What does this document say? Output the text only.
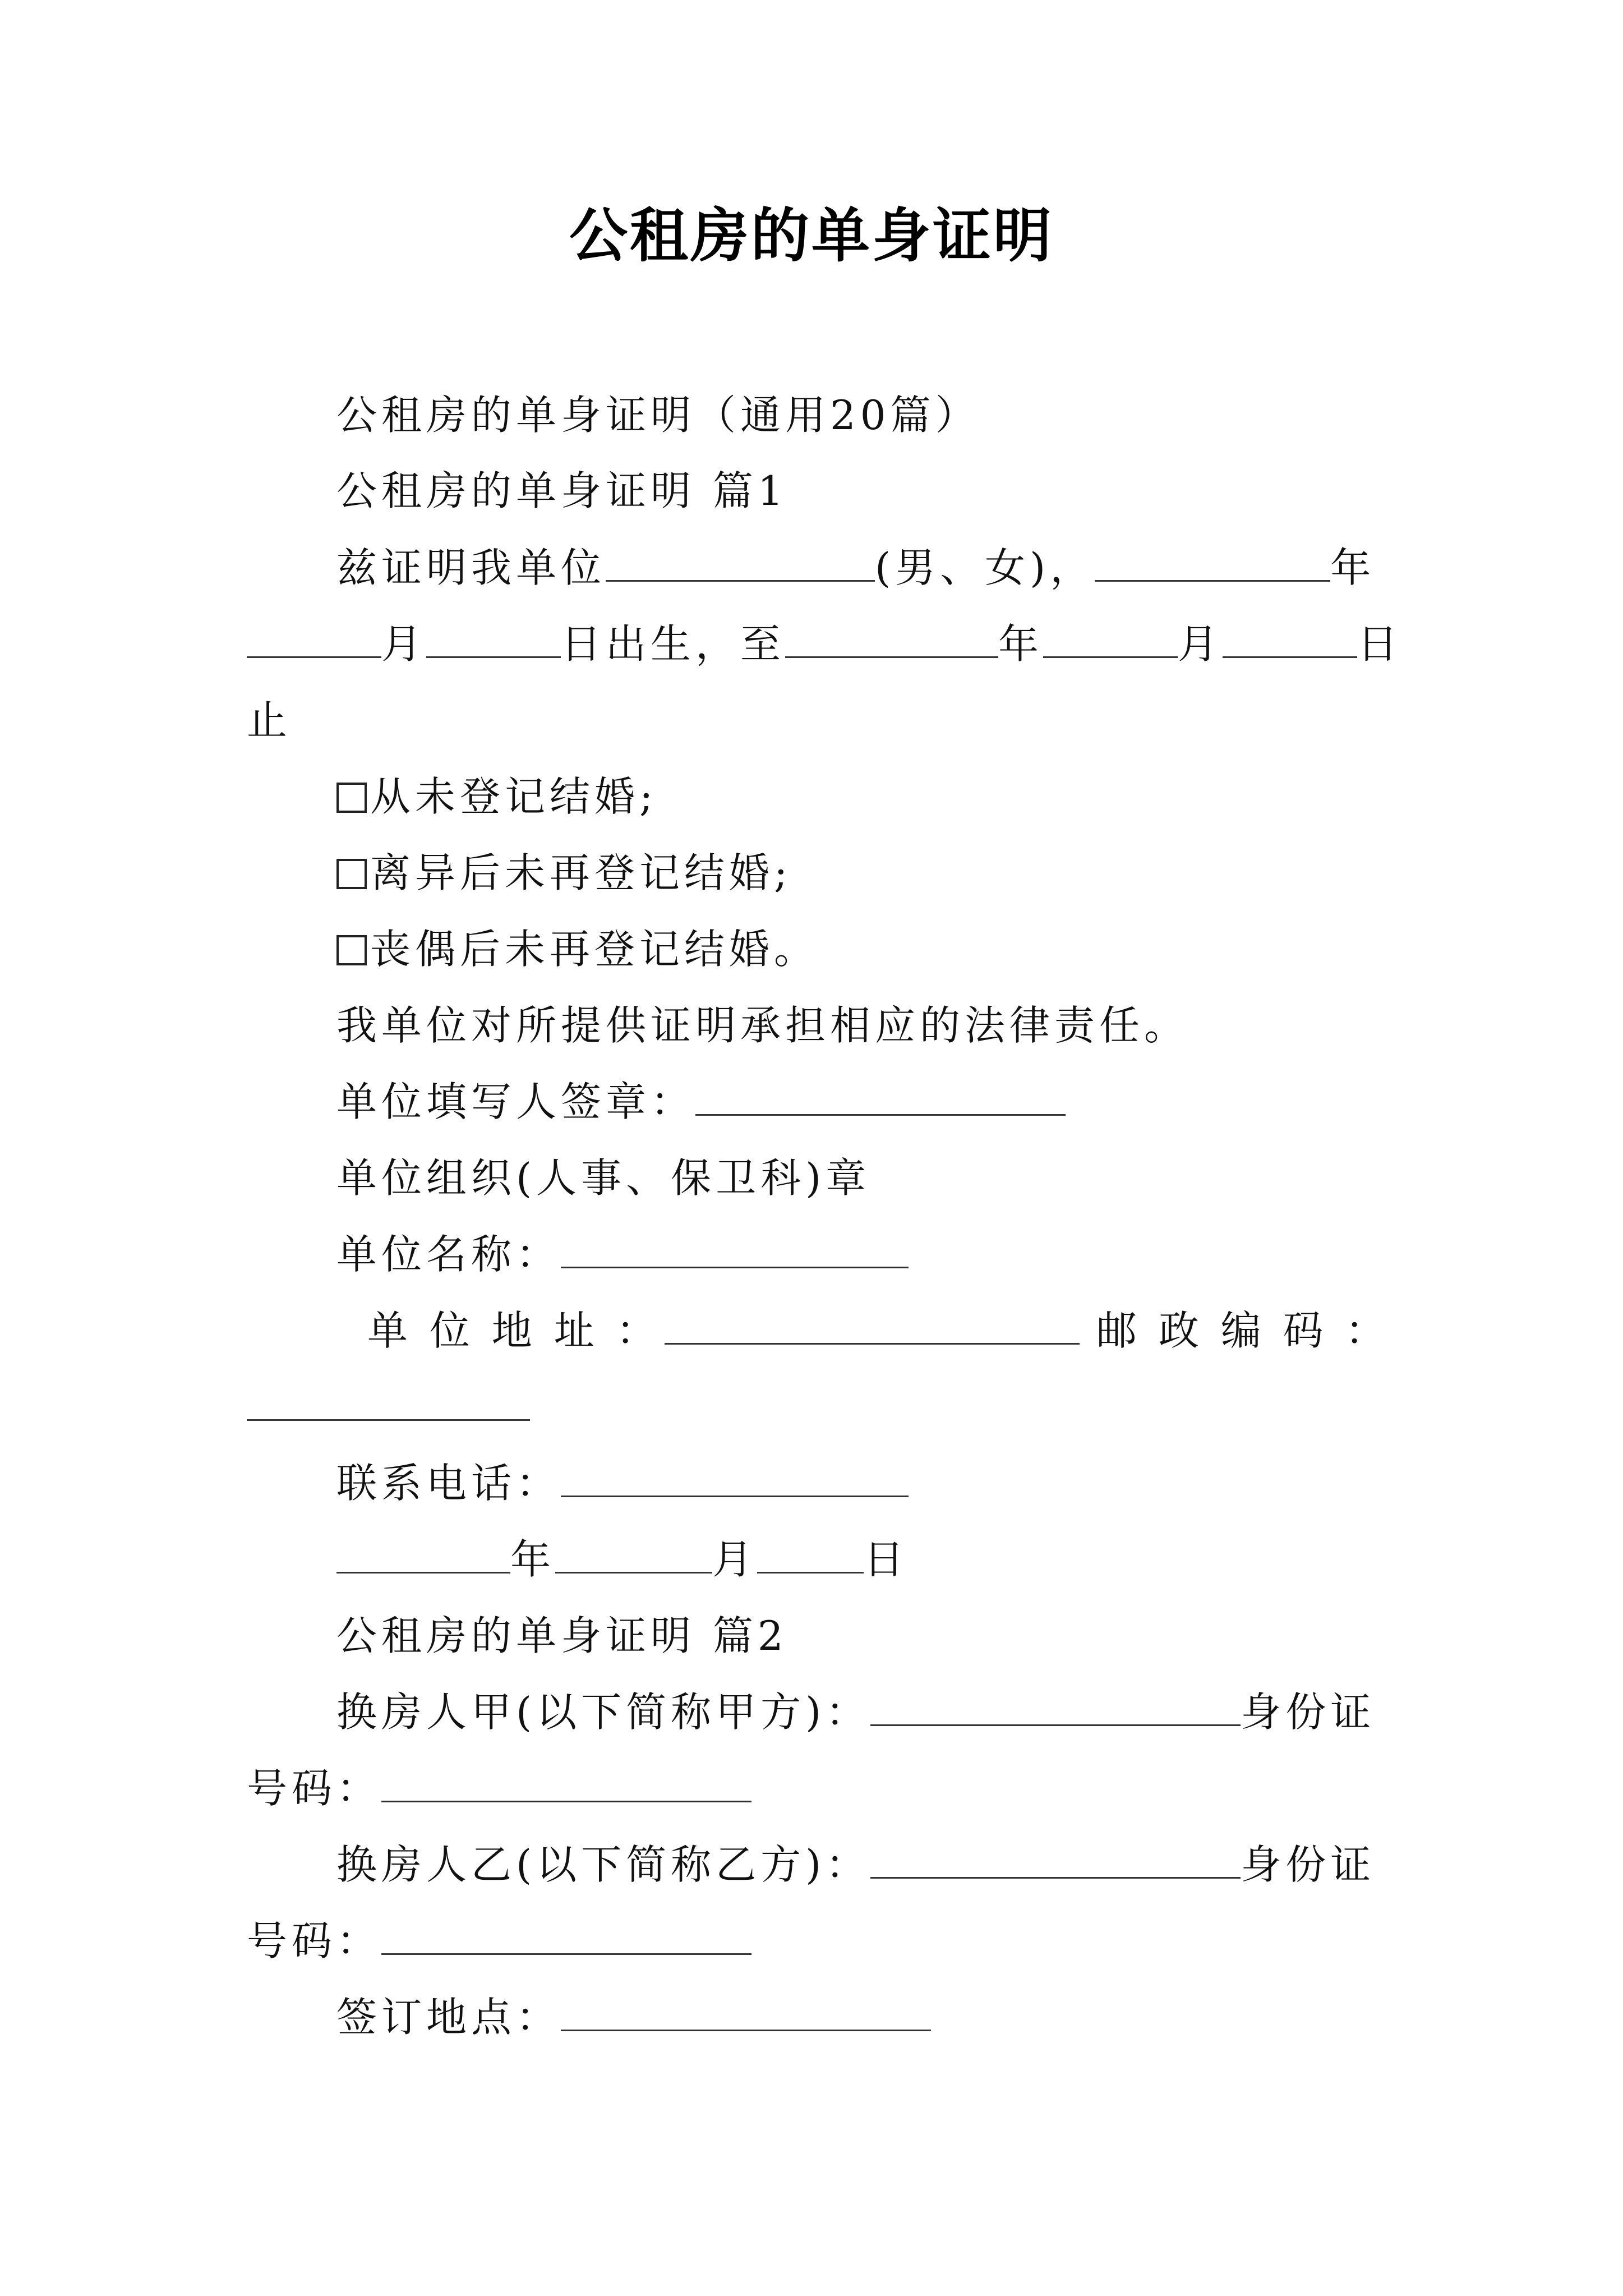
公租房的单身证明
公租房的单身证明（通用20篇）
公租房的单身证明 篇1
兹证明我单位	(男、女)，	年
月	日出生，至	年	月	日
止
从未登记结婚;
离异后未再登记结婚;
丧偶后未再登记结婚。
我单位对所提供证明承担相应的法律责任。
单位填写人签章：
单位组织(人事、保卫科)章
单位名称：
单 位 地 址 ：	邮 政 编 码 ：
联系电话：
年	月	日
公租房的单身证明 篇2
换房人甲(以下简称甲方)：	身份证
号码：
换房人乙(以下简称乙方)：	身份证
号码：
签订地点：
